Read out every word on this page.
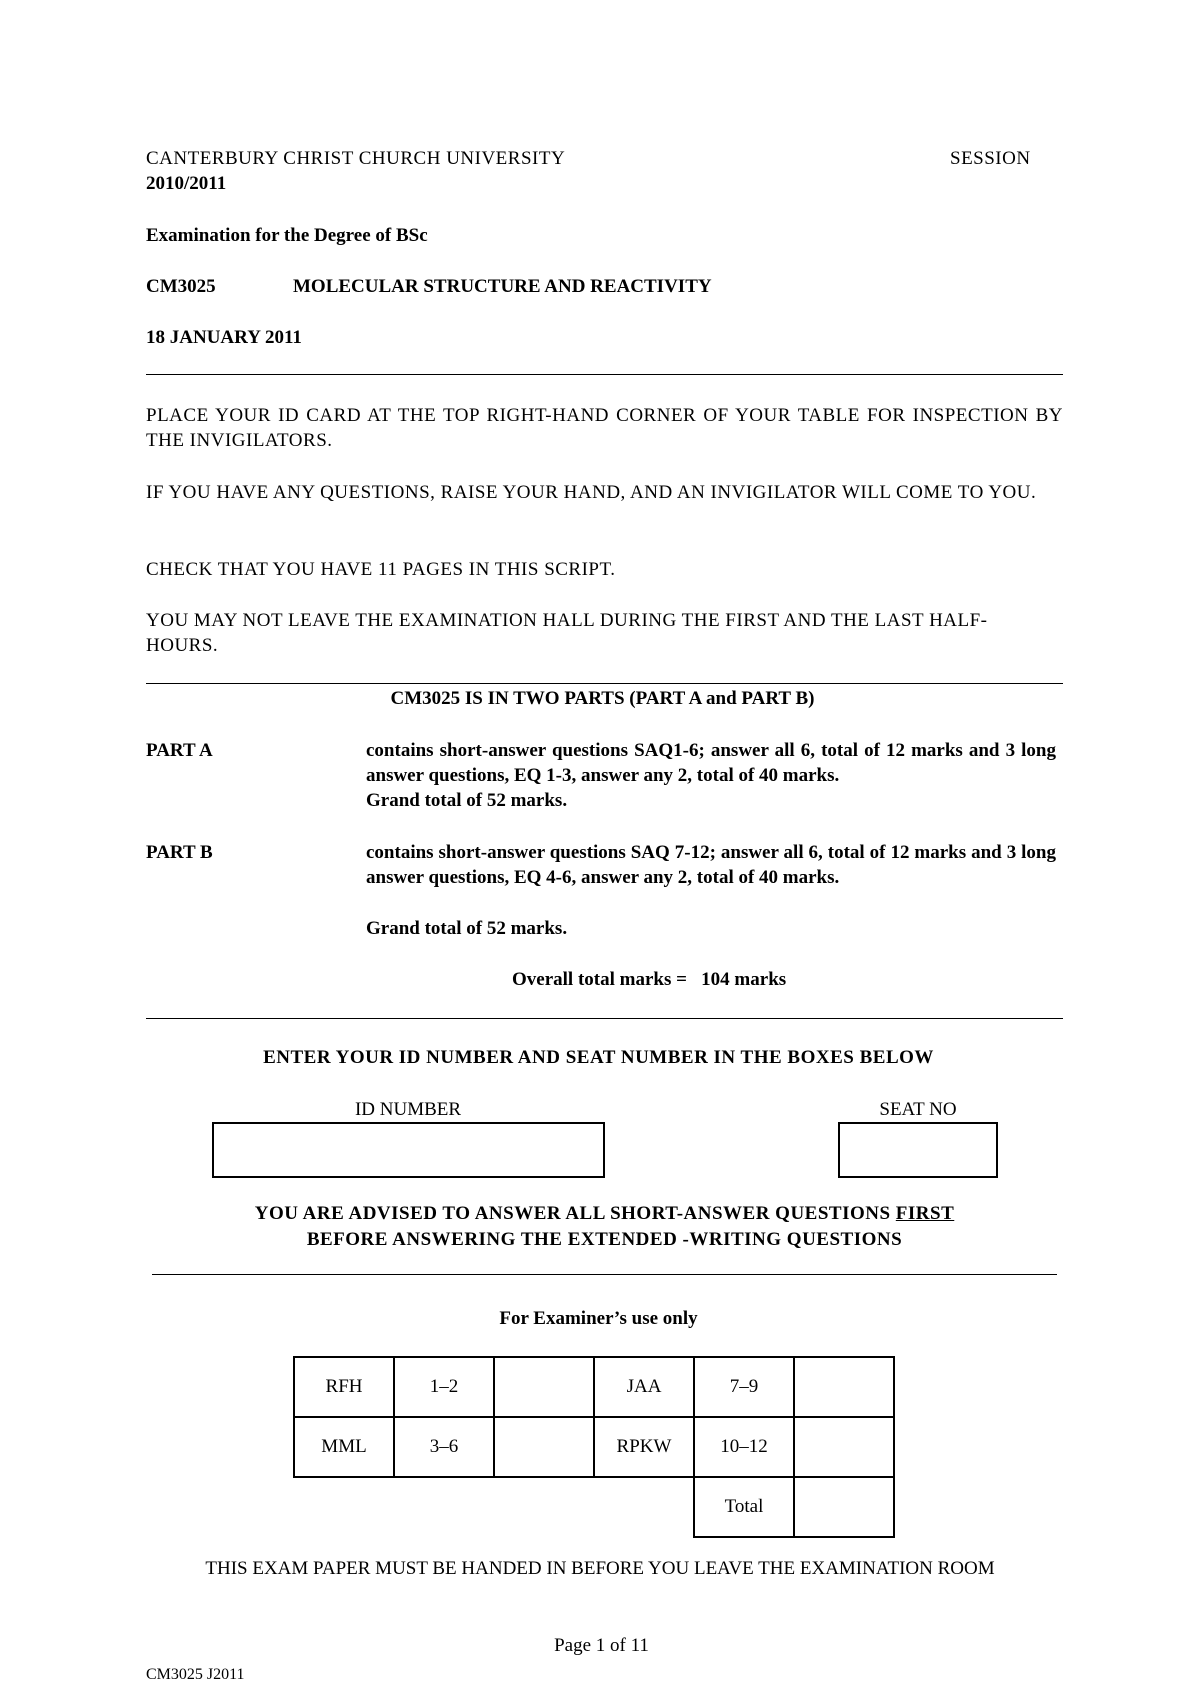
CANTERBURY CHRIST CHURCH UNIVERSITY	SESSION
2010/2011
Examination for the Degree of BSc
CM3025	MOLECULAR STRUCTURE AND REACTIVITY
18 JANUARY 2011
PLACE YOUR ID CARD AT THE TOP RIGHT-HAND CORNER OF YOUR TABLE FOR INSPECTION BY THE INVIGILATORS.
IF YOU HAVE ANY QUESTIONS, RAISE YOUR HAND, AND AN INVIGILATOR WILL COME TO YOU.
CHECK THAT YOU HAVE 11 PAGES IN THIS SCRIPT.
YOU MAY NOT LEAVE THE EXAMINATION HALL DURING THE FIRST AND THE LAST HALF-HOURS.
CM3025 IS IN TWO PARTS (PART A and PART B)
PART A	contains short-answer questions SAQ1-6; answer all 6, total of 12 marks and 3 long answer questions, EQ 1-3, answer any 2, total of 40 marks.
Grand total of 52 marks.
PART B	contains short-answer questions SAQ 7-12; answer all 6, total of 12 marks and 3 long answer questions, EQ 4-6, answer any 2, total of 40 marks.
Grand total of 52 marks.
Overall total marks =   104 marks
ENTER YOUR ID NUMBER AND SEAT NUMBER IN THE BOXES BELOW
ID NUMBER	SEAT NO
YOU ARE ADVISED TO ANSWER ALL SHORT-ANSWER QUESTIONS FIRST
BEFORE ANSWERING THE EXTENDED -WRITING QUESTIONS
For Examiner’s use only
RFH	1–2		JAA	7–9	
MML	3–6		RPKW	10–12	
				Total	
THIS EXAM PAPER MUST BE HANDED IN BEFORE YOU LEAVE THE EXAMINATION ROOM
Page 1 of 11
CM3025 J2011
